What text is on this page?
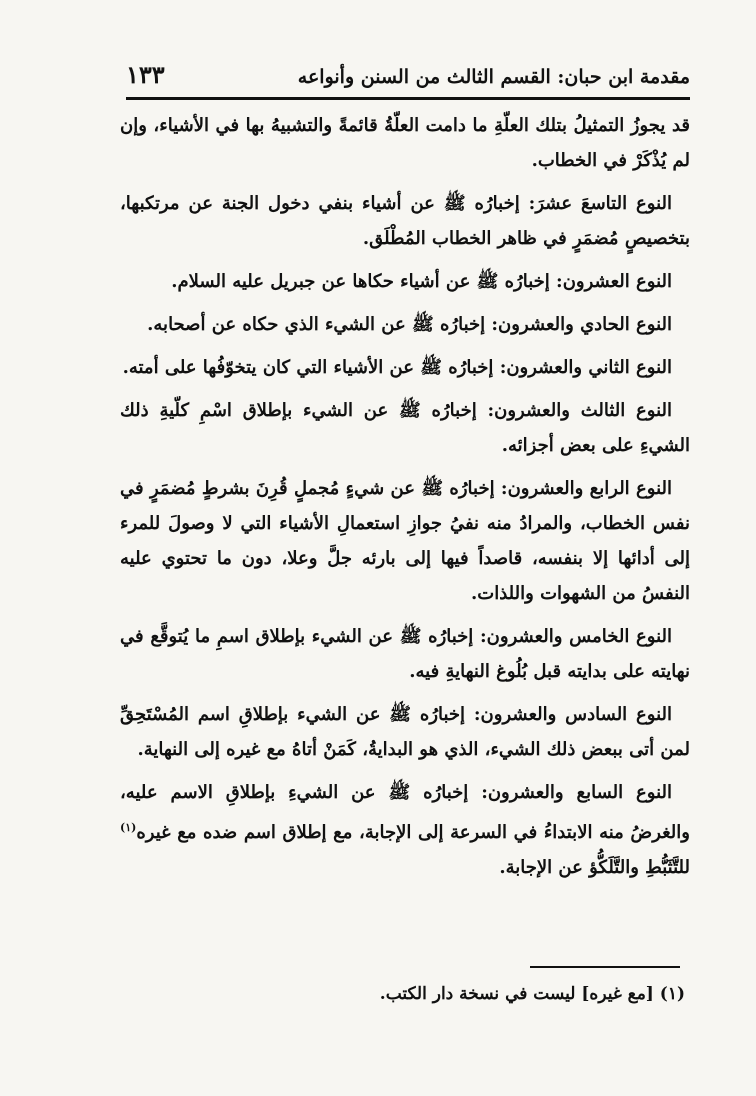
مقدمة ابن حبان: القسم الثالث من السنن وأنواعه
١٣٣

قد يجوزُ التمثيلُ بتلك العلّةِ ما دامت العلّةُ قائمةً والتشبيهُ بها في الأشياء، وإن لم يُذْكَرْ في الخطاب.

النوع التاسعَ عشرَ: إخبارُه ﷺ عن أشياء بنفي دخول الجنة عن مرتكبها، بتخصيصٍ مُضمَرٍ في ظاهر الخطاب المُطْلَق.

النوع العشرون: إخبارُه ﷺ عن أشياء حكاها عن جبريل عليه السلام.

النوع الحادي والعشرون: إخبارُه ﷺ عن الشيء الذي حكاه عن أصحابه.

النوع الثاني والعشرون: إخبارُه ﷺ عن الأشياء التي كان يتخوّفُها على أمته.

النوع الثالث والعشرون: إخبارُه ﷺ عن الشيء بإطلاق اسْمِ كلّيةِ ذلك الشيءِ على بعض أجزائه.

النوع الرابع والعشرون: إخبارُه ﷺ عن شيءٍ مُجملٍ قُرِنَ بشرطٍ مُضمَرٍ في نفس الخطاب، والمرادُ منه نفيُ جوازِ استعمالِ الأشياء التي لا وصولَ للمرء إلى أدائها إلا بنفسه، قاصداً فيها إلى بارئه جلَّ وعلا، دون ما تحتوي عليه النفسُ من الشهوات واللذات.

النوع الخامس والعشرون: إخبارُه ﷺ عن الشيء بإطلاق اسمِ ما يُتوقَّع في نهايته على بدايته قبل بُلُوغ النهايةِ فيه.

النوع السادس والعشرون: إخبارُه ﷺ عن الشيء بإطلاقِ اسم المُسْتَحِقِّ لمن أتى ببعض ذلك الشيء، الذي هو البدايةُ، كَمَنْ أتاهُ مع غيره إلى النهاية.

النوع السابع والعشرون: إخبارُه ﷺ عن الشيءِ بإطلاقِ الاسم عليه، والغرضُ منه الابتداءُ في السرعة إلى الإجابة، مع إطلاق اسم ضده مع غيره$^{(١)}$ للتَّثَبُّطِ والتَّلَكُّؤ عن الإجابة.

(١) [مع غيره] ليست في نسخة دار الكتب.
